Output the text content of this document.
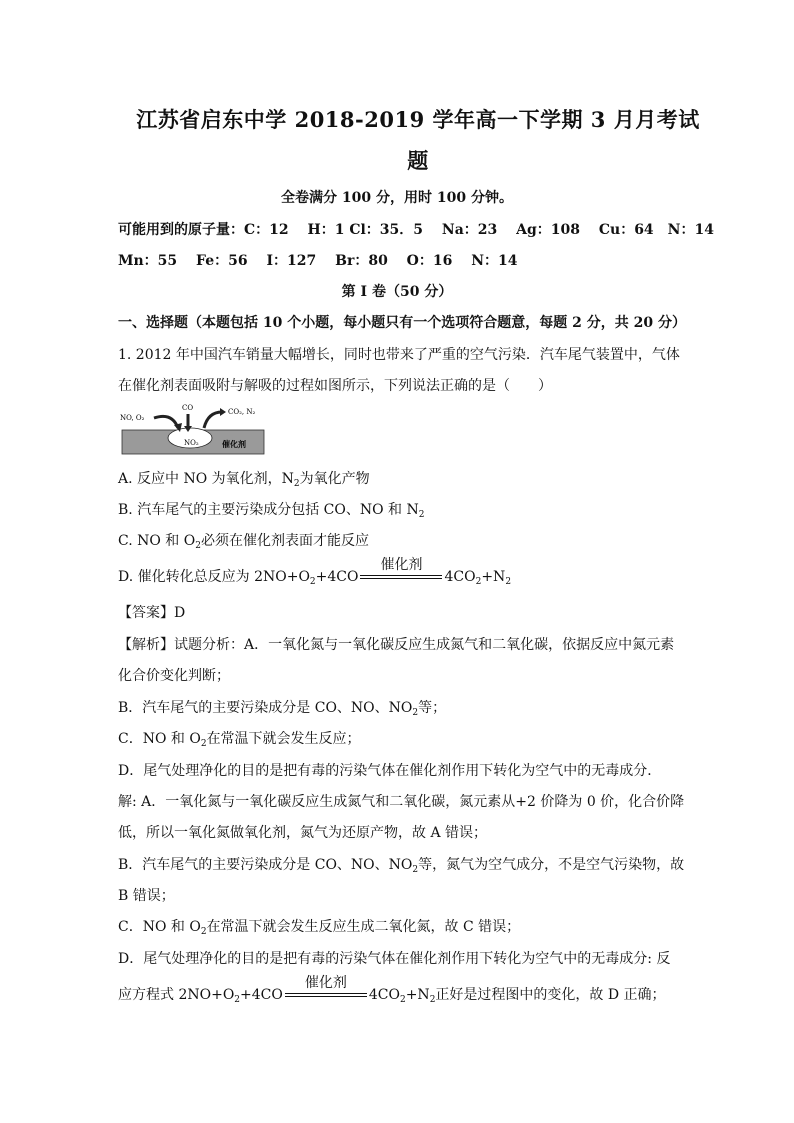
江苏省启东中学 2018-2019 学年高一下学期 3 月月考试
题
全卷满分 100 分，用时 100 分钟。
可能用到的原子量：C：12　 H：1 Cl：35．5　 Na：23　 Ag：108　 Cu：64　N：14
Mn：55　 Fe：56　 I：127　 Br：80　 O：16　 N：14
第 I 卷（50 分）
一、选择题（本题包括 10 个小题，每小题只有一个选项符合题意，每题 2 分，共 20 分）
1. 2012 年中国汽车销量大幅增长，同时也带来了严重的空气污染．汽车尾气装置中，气体
在催化剂表面吸附与解吸的过程如图所示，下列说法正确的是（　　）
NO, O₂
CO	CO₂, N₂
NO₂	催化剂
A. 反应中 NO 为氧化剂，$N_2$为氧化产物
B. 汽车尾气的主要污染成分包括 CO、NO 和 $N_2$
C. NO 和 $O_2$必须在催化剂表面才能反应
D. 催化转化总反应为 $2NO+O_2+4CO$
催化剂
$4CO_2+N_2$
【答案】D
【解析】试题分析：A．一氧化氮与一氧化碳反应生成氮气和二氧化碳，依据反应中氮元素
化合价变化判断；
B．汽车尾气的主要污染成分是 CO、NO、$NO_2$等；
C．NO 和 $O_2$在常温下就会发生反应；
D．尾气处理净化的目的是把有毒的污染气体在催化剂作用下转化为空气中的无毒成分．
解: A．一氧化氮与一氧化碳反应生成氮气和二氧化碳，氮元素从+2 价降为 0 价，化合价降
低，所以一氧化氮做氧化剂，氮气为还原产物，故 A 错误；
B．汽车尾气的主要污染成分是 CO、NO、$NO_2$等，氮气为空气成分，不是空气污染物，故
B 错误；
C．NO 和 $O_2$在常温下就会发生反应生成二氧化氮，故 C 错误；
D．尾气处理净化的目的是把有毒的污染气体在催化剂作用下转化为空气中的无毒成分: 反
应方程式 $2NO+O_2+4CO$
催化剂
$4CO_2+N_2$正好是过程图中的变化，故 D 正确；
